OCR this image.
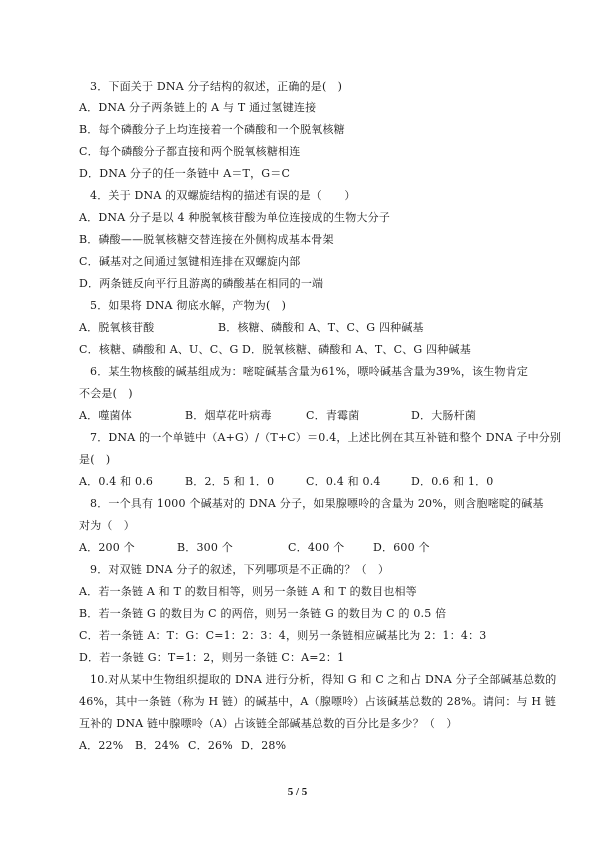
3．下面关于 DNA 分子结构的叙述，正确的是(　)
A．DNA 分子两条链上的 A 与 T 通过氢键连接
B．每个磷酸分子上均连接着一个磷酸和一个脱氧核糖
C．每个磷酸分子都直接和两个脱氧核糖相连
D．DNA 分子的任一条链中 A＝T，G＝C
4．关于 DNA 的双螺旋结构的描述有误的是（　　）
A．DNA 分子是以 4 种脱氧核苷酸为单位连接成的生物大分子
B．磷酸——脱氧核糖交替连接在外侧构成基本骨架
C．碱基对之间通过氢键相连排在双螺旋内部
D．两条链反向平行且游离的磷酸基在相同的一端
5．如果将 DNA 彻底水解，产物为(　)
A．脱氧核苷酸	B．核糖、磷酸和 A、T、C、G 四种碱基
C．核糖、磷酸和 A、U、C、G D．脱氧核糖、磷酸和 A、T、C、G 四种碱基
6．某生物核酸的碱基组成为：嘧啶碱基含量为61%，嘌呤碱基含量为39%，该生物肯定
不会是(　)
A．噬菌体	B．烟草花叶病毒	C．青霉菌	D．大肠杆菌
7．DNA 的一个单链中（A+G）/（T+C）＝0.4，上述比例在其互补链和整个 DNA 子中分别
是(　)
A．0.4 和 0.6	B．2．5 和 1．0	C．0.4 和 0.4	D．0.6 和 1．0
8．一个具有 1000 个碱基对的 DNA 分子，如果腺嘌呤的含量为 20%，则含胞嘧啶的碱基
对为（　）
A．200 个	B．300 个	C．400 个	D．600 个
9．对双链 DNA 分子的叙述，下列哪项是不正确的？（　）
A．若一条链 A 和 T 的数目相等，则另一条链 A 和 T 的数目也相等
B．若一条链 G 的数目为 C 的两倍，则另一条链 G 的数目为 C 的 0.5 倍
C．若一条链 A：T：G：C=1：2：3：4，则另一条链相应碱基比为 2：1：4：3
D．若一条链 G：T=1：2，则另一条链 C：A=2：1
10.对从某中生物组织提取的 DNA 进行分析，得知 G 和 C 之和占 DNA 分子全部碱基总数的
46%，其中一条链（称为 H 链）的碱基中，A（腺嘌呤）占该碱基总数的 28%。请问：与 H 链
互补的 DNA 链中腺嘌呤（A）占该链全部碱基总数的百分比是多少？（　）
A．22% B．24% C．26% D．28%
5 / 5
